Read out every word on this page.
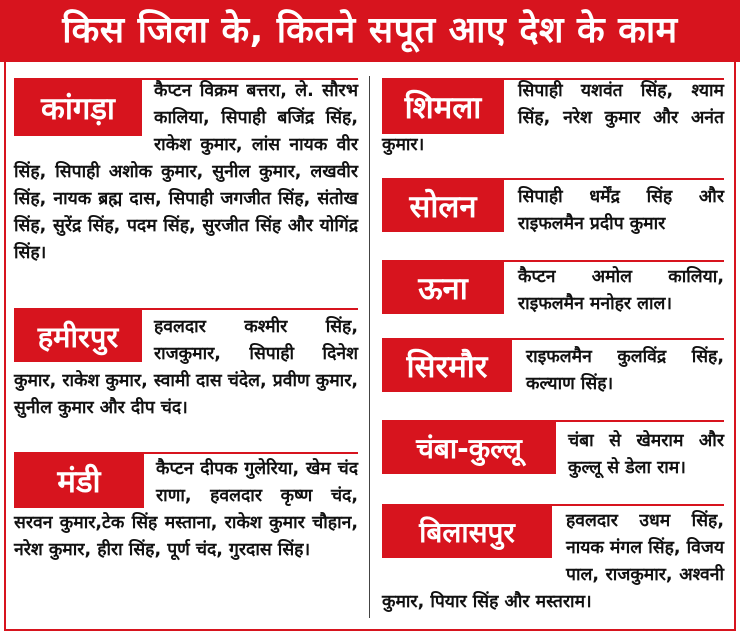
किस जिला के, कितने सपूत आए देश के काम
कांगड़ा	कैप्टन विक्रम बत्तरा, ले. सौरभ कालिया, सिपाही बजिंद्र सिंह, राकेश कुमार, लांस नायक वीर सिंह, सिपाही अशोक कुमार, सुनील कुमार, लखवीर सिंह, नायक ब्रह्म दास, सिपाही जगजीत सिंह, संतोख सिंह, सुरेंद्र सिंह, पदम सिंह, सुरजीत सिंह और योगिंद्र सिंह।
हमीरपुर	हवलदार कश्मीर सिंह, राजकुमार, सिपाही दिनेश कुमार, राकेश कुमार, स्वामी दास चंदेल, प्रवीण कुमार, सुनील कुमार और दीप चंद।
मंडी	कैप्टन दीपक गुलेरिया, खेम चंद राणा, हवलदार कृष्ण चंद, सरवन कुमार,टेक सिंह मस्ताना, राकेश कुमार चौहान, नरेश कुमार, हीरा सिंह, पूर्ण चंद, गुरदास सिंह।
शिमला	सिपाही यशवंत सिंह, श्याम सिंह, नरेश कुमार और अनंत कुमार।
सोलन	सिपाही धर्मेंद्र सिंह और राइफलमैन प्रदीप कुमार
ऊना	कैप्टन अमोल कालिया, राइफलमैन मनोहर लाल।
सिरमौर	राइफलमैन कुलविंद्र सिंह, कल्याण सिंह।
चंबा-कुल्लू	चंबा से खेमराम और कुल्लू से डेला राम।
बिलासपुर	हवलदार उधम सिंह, नायक मंगल सिंह, विजय पाल, राजकुमार, अश्वनी कुमार, पियार सिंह और मस्तराम।
